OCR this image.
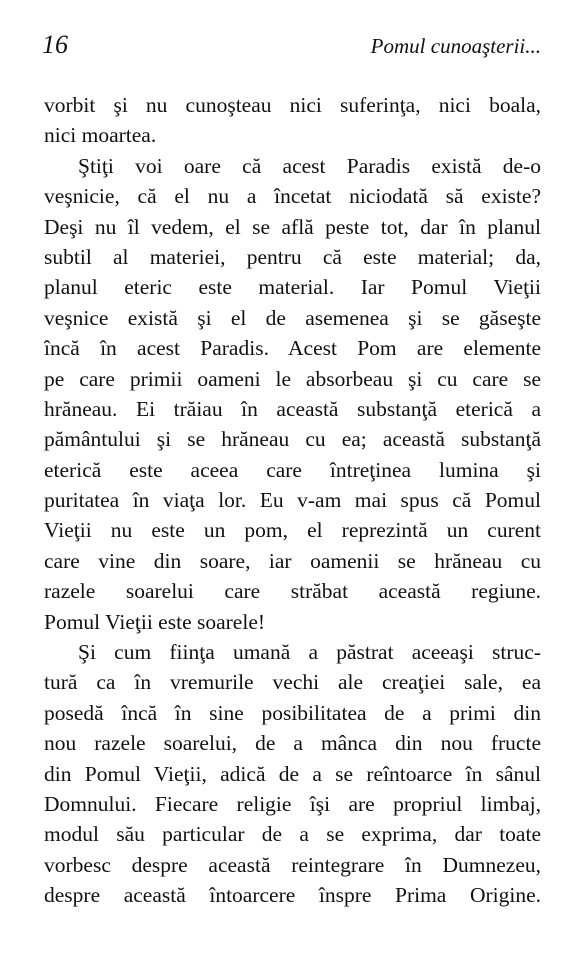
16	Pomul cunoaşterii...
vorbit şi nu cunoşteau nici suferinţa, nici boala,
nici moartea.
Ştiţi voi oare că acest Paradis există de-o
veşnicie, că el nu a încetat niciodată să existe?
Deşi nu îl vedem, el se află peste tot, dar în planul
subtil al materiei, pentru că este material; da,
planul eteric este material. Iar Pomul Vieţii
veşnice există şi el de asemenea şi se găseşte
încă în acest Paradis. Acest Pom are elemente
pe care primii oameni le absorbeau şi cu care se
hrăneau. Ei trăiau în această substanţă eterică a
pământului şi se hrăneau cu ea; această substanţă
eterică este aceea care întreţinea lumina şi
puritatea în viaţa lor. Eu v-am mai spus că Pomul
Vieţii nu este un pom, el reprezintă un curent
care vine din soare, iar oamenii se hrăneau cu
razele soarelui care străbat această regiune.
Pomul Vieţii este soarele!
Şi cum fiinţa umană a păstrat aceeaşi struc-
tură ca în vremurile vechi ale creaţiei sale, ea
posedă încă în sine posibilitatea de a primi din
nou razele soarelui, de a mânca din nou fructe
din Pomul Vieţii, adică de a se reîntoarce în sânul
Domnului. Fiecare religie îşi are propriul limbaj,
modul său particular de a se exprima, dar toate
vorbesc despre această reintegrare în Dumnezeu,
despre această întoarcere înspre Prima Origine.
